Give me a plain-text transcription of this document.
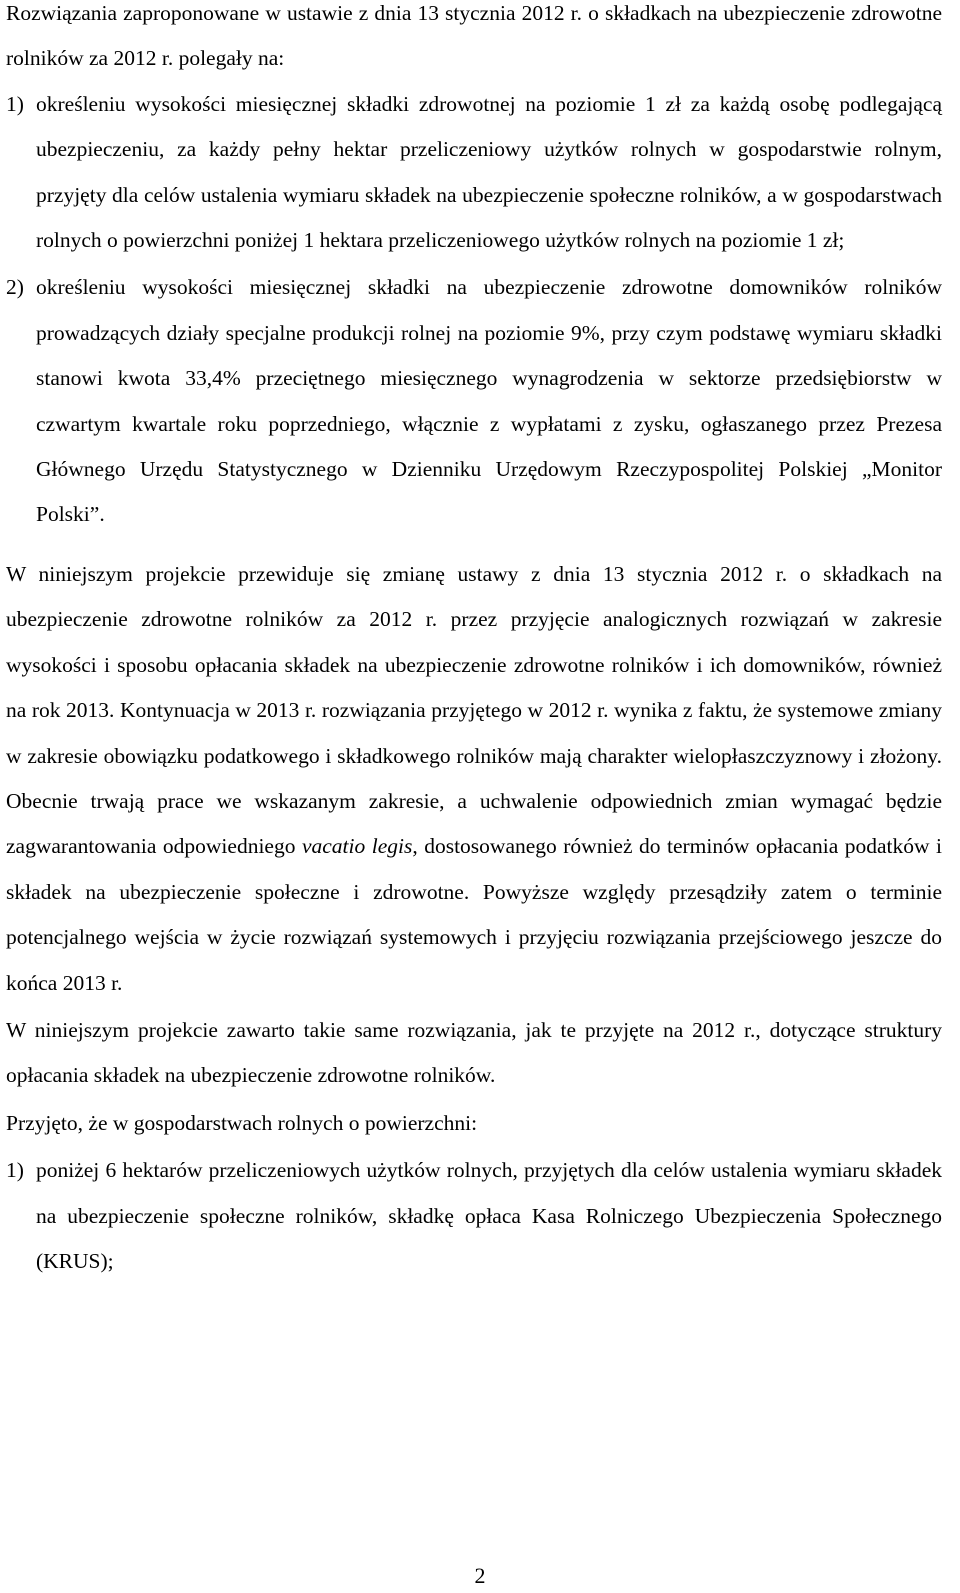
Rozwiązania zaproponowane w ustawie z dnia 13 stycznia 2012 r. o składkach na ubezpieczenie zdrowotne rolników za 2012 r. polegały na:

1) określeniu wysokości miesięcznej składki zdrowotnej na poziomie 1 zł za każdą osobę podlegającą ubezpieczeniu, za każdy pełny hektar przeliczeniowy użytków rolnych w gospodarstwie rolnym, przyjęty dla celów ustalenia wymiaru składek na ubezpieczenie społeczne rolników, a w gospodarstwach rolnych o powierzchni poniżej 1 hektara przeliczeniowego użytków rolnych na poziomie 1 zł;

2) określeniu wysokości miesięcznej składki na ubezpieczenie zdrowotne domowników rolników prowadzących działy specjalne produkcji rolnej na poziomie 9%, przy czym podstawę wymiaru składki stanowi kwota 33,4% przeciętnego miesięcznego wynagrodzenia w sektorze przedsiębiorstw w czwartym kwartale roku poprzedniego, włącznie z wypłatami z zysku, ogłaszanego przez Prezesa Głównego Urzędu Statystycznego w Dzienniku Urzędowym Rzeczypospolitej Polskiej „Monitor Polski”.

W niniejszym projekcie przewiduje się zmianę ustawy z dnia 13 stycznia 2012 r. o składkach na ubezpieczenie zdrowotne rolników za 2012 r. przez przyjęcie analogicznych rozwiązań w zakresie wysokości i sposobu opłacania składek na ubezpieczenie zdrowotne rolników i ich domowników, również na rok 2013. Kontynuacja w 2013 r. rozwiązania przyjętego w 2012 r. wynika z faktu, że systemowe zmiany w zakresie obowiązku podatkowego i składkowego rolników mają charakter wielopłaszczyznowy i złożony. Obecnie trwają prace we wskazanym zakresie, a uchwalenie odpowiednich zmian wymagać będzie zagwarantowania odpowiedniego vacatio legis, dostosowanego również do terminów opłacania podatków i składek na ubezpieczenie społeczne i zdrowotne. Powyższe względy przesądziły zatem o terminie potencjalnego wejścia w życie rozwiązań systemowych i przyjęciu rozwiązania przejściowego jeszcze do końca 2013 r.

W niniejszym projekcie zawarto takie same rozwiązania, jak te przyjęte na 2012 r., dotyczące struktury opłacania składek na ubezpieczenie zdrowotne rolników.

Przyjęto, że w gospodarstwach rolnych o powierzchni:

1) poniżej 6 hektarów przeliczeniowych użytków rolnych, przyjętych dla celów ustalenia wymiaru składek na ubezpieczenie społeczne rolników, składkę opłaca Kasa Rolniczego Ubezpieczenia Społecznego (KRUS);

2
